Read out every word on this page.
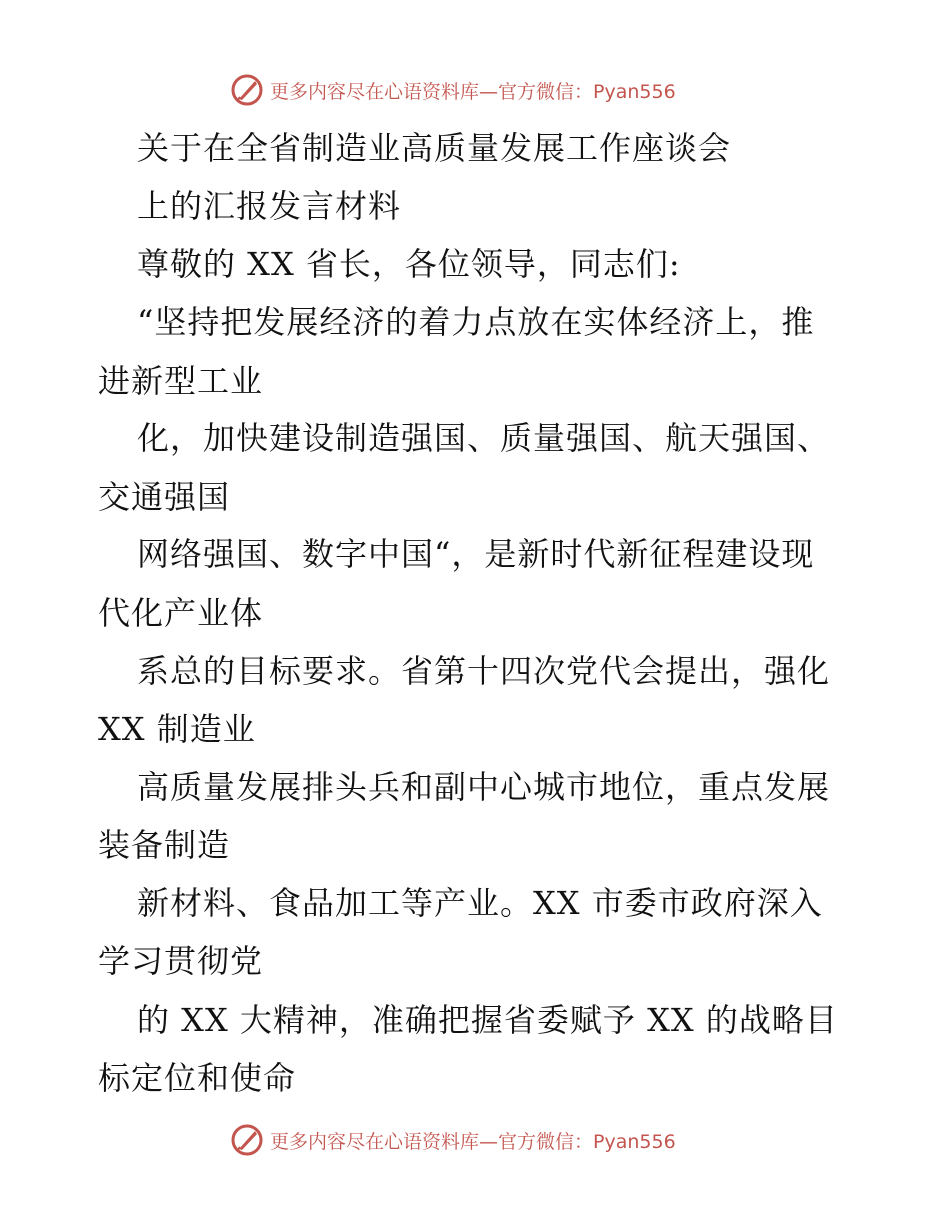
更多内容尽在心语资料库—官方微信：Pyan556
关于在全省制造业高质量发展工作座谈会
上的汇报发言材料
尊敬的 XX 省长，各位领导，同志们:
“坚持把发展经济的着力点放在实体经济上，推
进新型工业
化，加快建设制造强国、质量强国、航天强国、
交通强国
网络强国、数字中国“，是新时代新征程建设现
代化产业体
系总的目标要求。省第十四次党代会提出，强化
XX 制造业
高质量发展排头兵和副中心城市地位，重点发展
装备制造
新材料、食品加工等产业。XX 市委市政府深入
学习贯彻党
的 XX 大精神，准确把握省委赋予 XX 的战略目
标定位和使命
更多内容尽在心语资料库—官方微信：Pyan556
